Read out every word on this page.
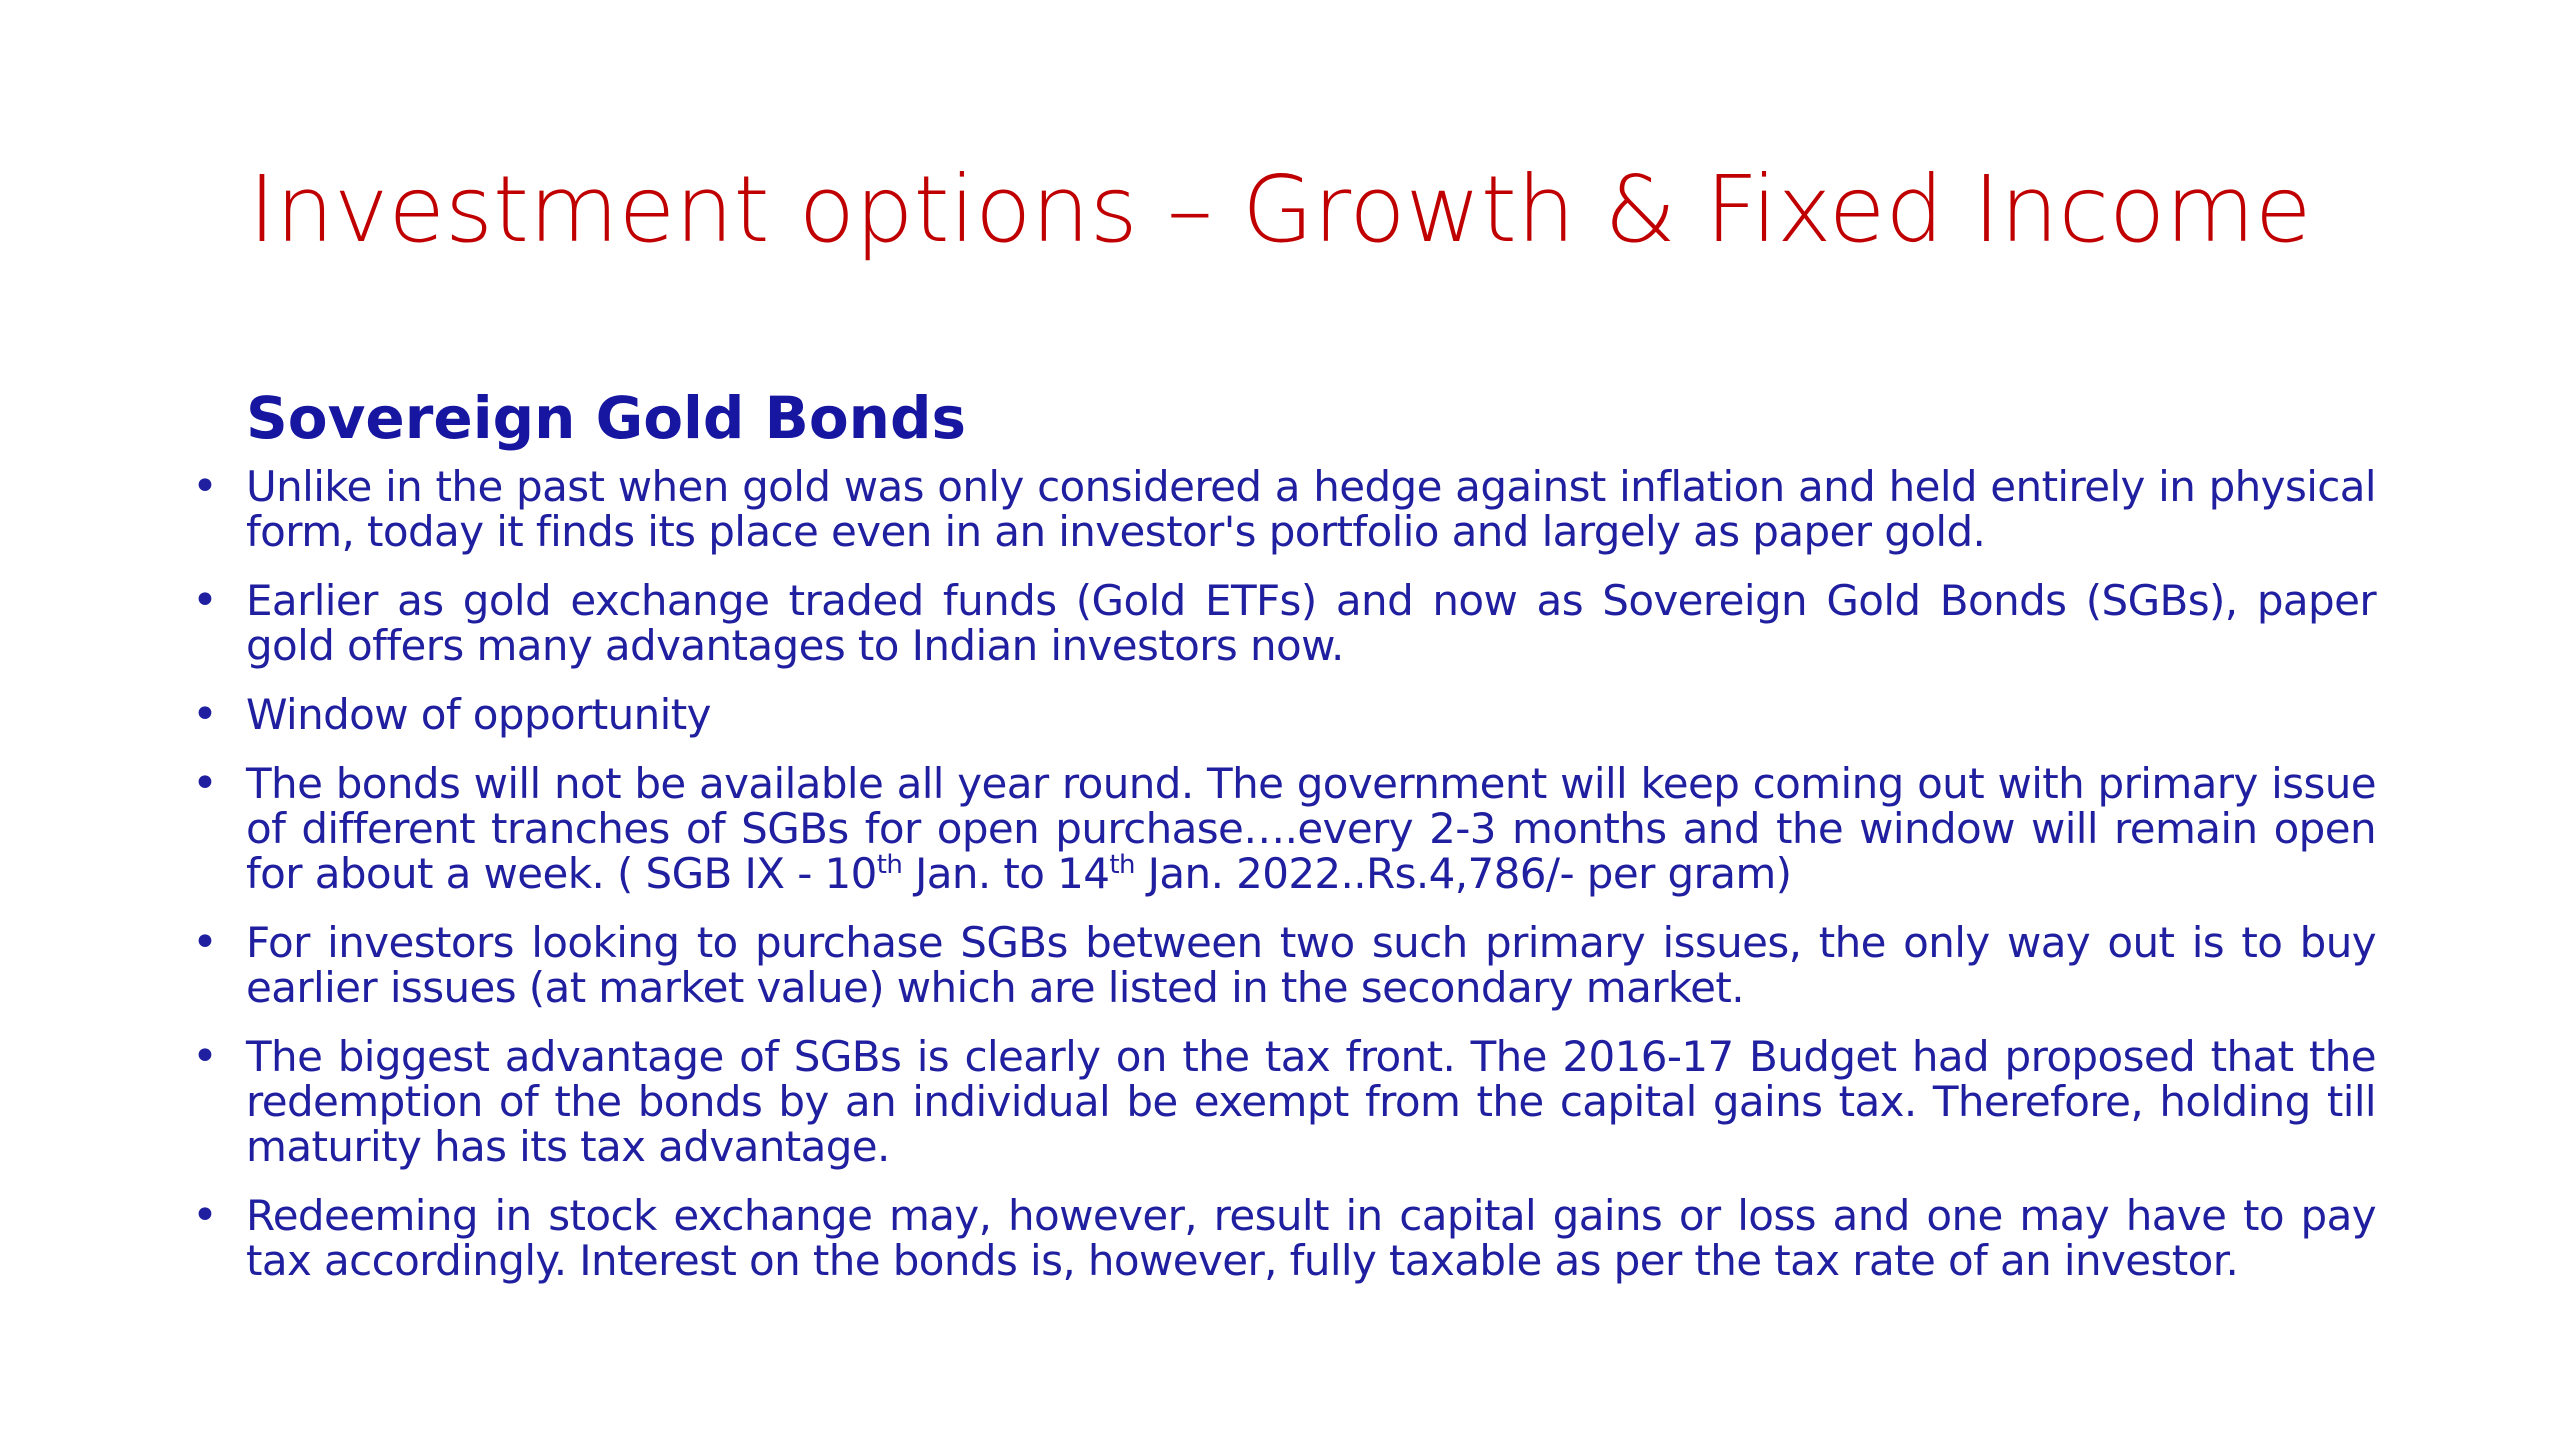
Investment options – Growth & Fixed Income
Sovereign Gold Bonds
• Unlike in the past when gold was only considered a hedge against inflation and held entirely in physical form, today it finds its place even in an investor's portfolio and largely as paper gold.
• Earlier as gold exchange traded funds (Gold ETFs) and now as Sovereign Gold Bonds (SGBs), paper gold offers many advantages to Indian investors now.
• Window of opportunity
• The bonds will not be available all year round. The government will keep coming out with primary issue of different tranches of SGBs for open purchase….every 2-3 months and the window will remain open for about a week. ( SGB IX - 10th Jan. to 14th Jan. 2022..Rs.4,786/- per gram)
• For investors looking to purchase SGBs between two such primary issues, the only way out is to buy earlier issues (at market value) which are listed in the secondary market.
• The biggest advantage of SGBs is clearly on the tax front. The 2016-17 Budget had proposed that the redemption of the bonds by an individual be exempt from the capital gains tax. Therefore, holding till maturity has its tax advantage.
• Redeeming in stock exchange may, however, result in capital gains or loss and one may have to pay tax accordingly. Interest on the bonds is, however, fully taxable as per the tax rate of an investor.
